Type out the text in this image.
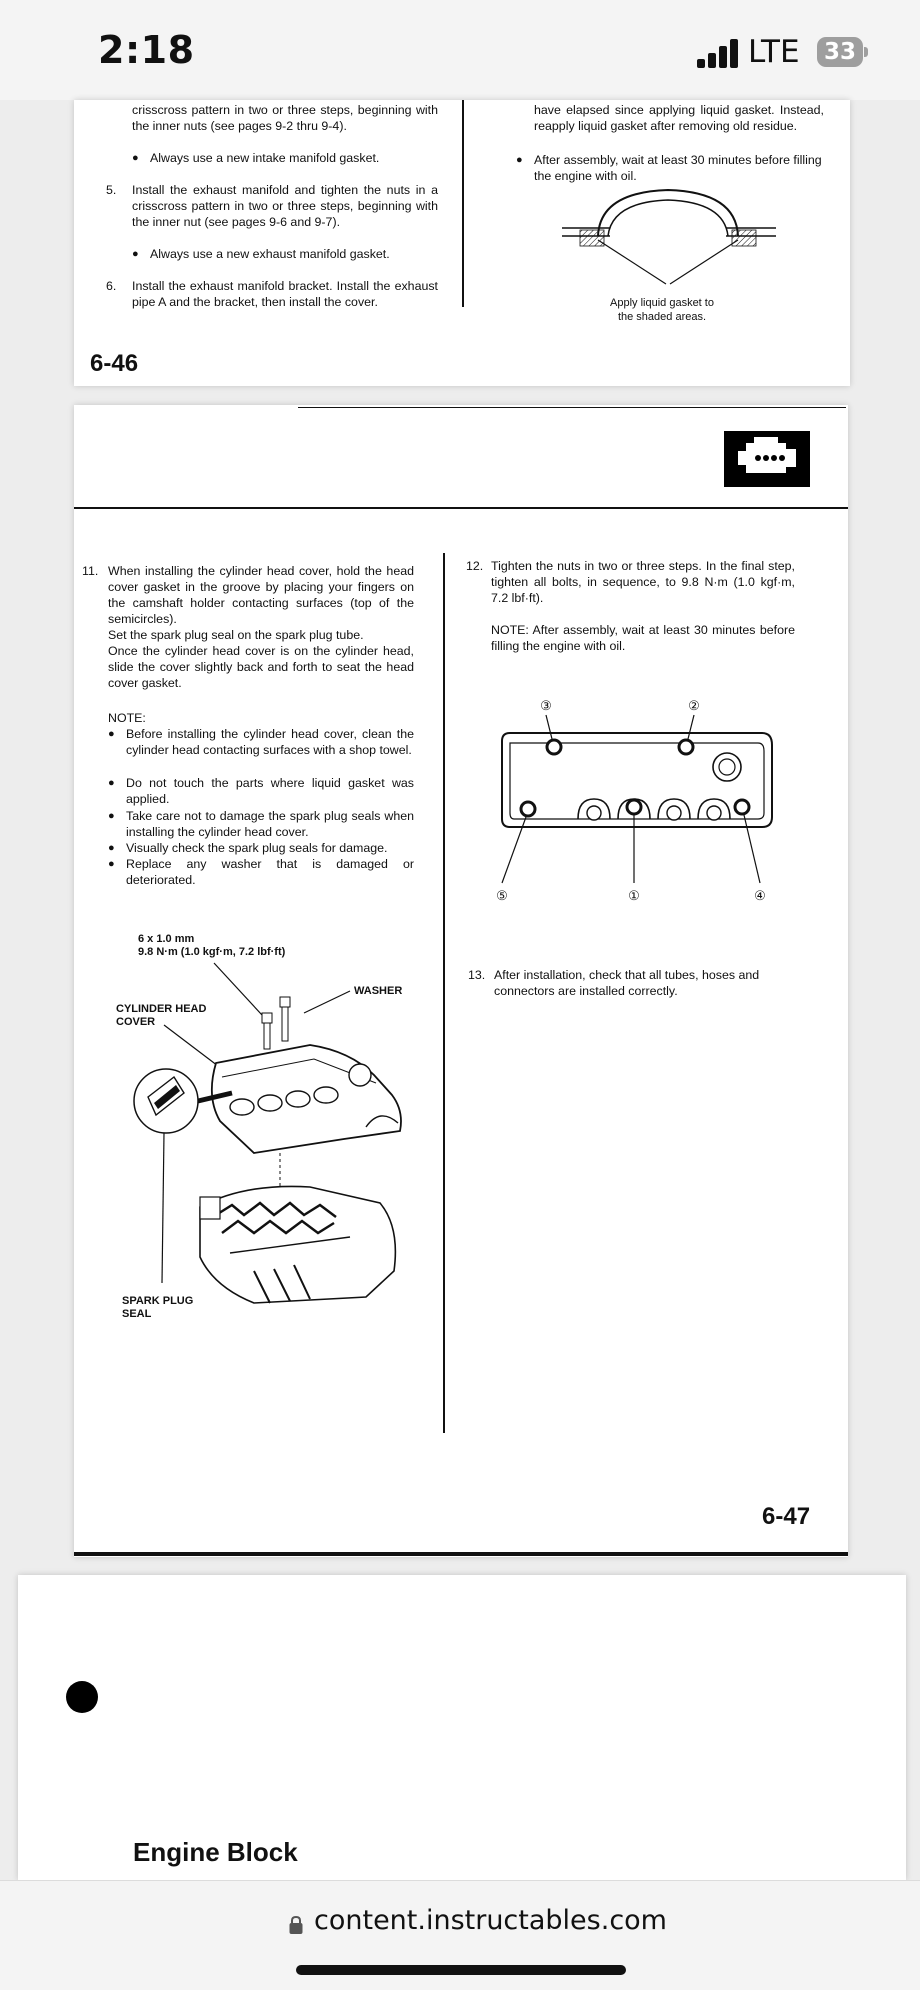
2:18	LTE	33
crisscross pattern in two or three steps, beginning with the inner nuts (see pages 9-2 thru 9-4).
● Always use a new intake manifold gasket.
5. Install the exhaust manifold and tighten the nuts in a crisscross pattern in two or three steps, beginning with the inner nut (see pages 9-6 and 9-7).
● Always use a new exhaust manifold gasket.
6. Install the exhaust manifold bracket. Install the exhaust pipe A and the bracket, then install the cover.
have elapsed since applying liquid gasket. Instead, reapply liquid gasket after removing old residue.
● After assembly, wait at least 30 minutes before filling the engine with oil.
Apply liquid gasket to the shaded areas.
6-46
11. When installing the cylinder head cover, hold the head cover gasket in the groove by placing your fingers on the camshaft holder contacting surfaces (top of the semicircles).
Set the spark plug seal on the spark plug tube.
Once the cylinder head cover is on the cylinder head, slide the cover slightly back and forth to seat the head cover gasket.
NOTE:
● Before installing the cylinder head cover, clean the cylinder head contacting surfaces with a shop towel.
● Do not touch the parts where liquid gasket was applied.
● Take care not to damage the spark plug seals when installing the cylinder head cover.
● Visually check the spark plug seals for damage.
● Replace any washer that is damaged or deteriorated.
6 x 1.0 mm
9.8 N·m (1.0 kgf·m, 7.2 lbf·ft)
WASHER
CYLINDER HEAD
COVER
SPARK PLUG
SEAL
12. Tighten the nuts in two or three steps. In the final step, tighten all bolts, in sequence, to 9.8 N·m (1.0 kgf·m, 7.2 lbf·ft).
NOTE: After assembly, wait at least 30 minutes before filling the engine with oil.
③	②
⑤	①	④
13. After installation, check that all tubes, hoses and connectors are installed correctly.
6-47
Engine Block
content.instructables.com
